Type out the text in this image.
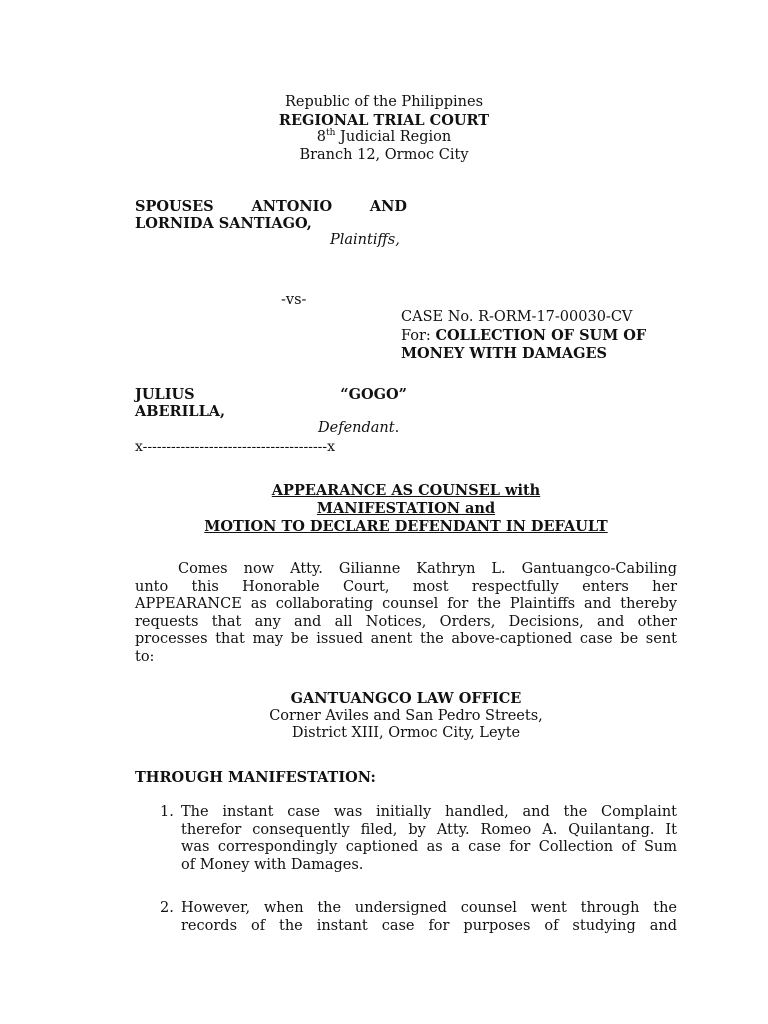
Republic of the Philippines
REGIONAL TRIAL COURT
8th Judicial Region
Branch 12, Ormoc City
SPOUSES ANTONIO AND
LORNIDA SANTIAGO,
Plaintiffs,
-vs-
CASE No. R-ORM-17-00030-CV
For: COLLECTION OF SUM OF
MONEY WITH DAMAGES
JULIUS “GOGO”
ABERILLA,
Defendant.
x---------------------------------------x
APPEARANCE AS COUNSEL with
MANIFESTATION and
MOTION TO DECLARE DEFENDANT IN DEFAULT
Comes now Atty. Gilianne Kathryn L. Gantuangco-Cabiling
unto this Honorable Court, most respectfully enters her
APPEARANCE as collaborating counsel for the Plaintiffs and thereby
requests that any and all Notices, Orders, Decisions, and other
processes that may be issued anent the above-captioned case be sent
to:
GANTUANGCO LAW OFFICE
Corner Aviles and San Pedro Streets,
District XIII, Ormoc City, Leyte
THROUGH MANIFESTATION:
1. The instant case was initially handled, and the Complaint
therefor consequently filed, by Atty. Romeo A. Quilantang. It
was correspondingly captioned as a case for Collection of Sum
of Money with Damages.
2. However, when the undersigned counsel went through the
records of the instant case for purposes of studying and
